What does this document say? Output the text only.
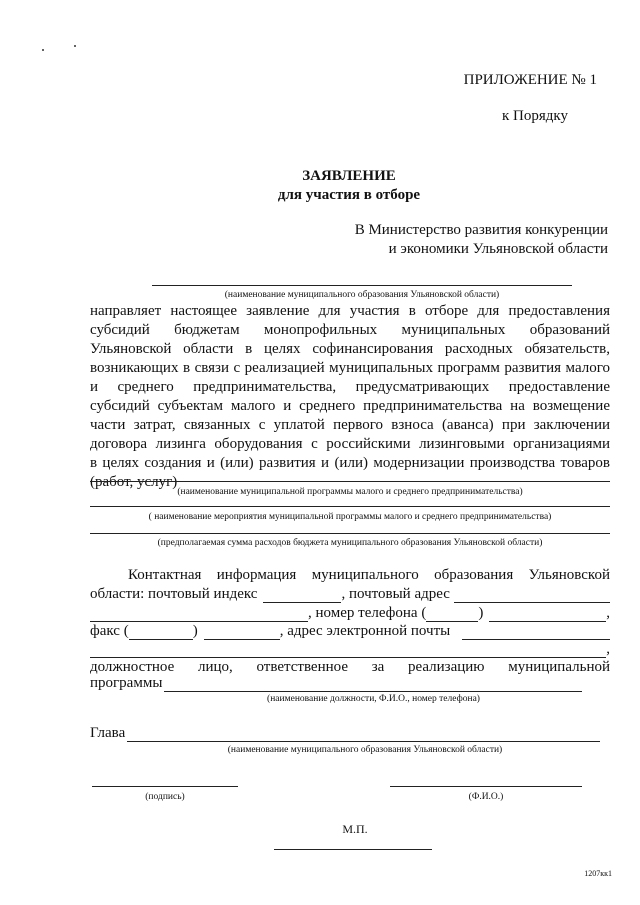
ПРИЛОЖЕНИЕ № 1
к Порядку
ЗАЯВЛЕНИЕ
для участия в отборе
В Министерство развития конкуренции
и экономики Ульяновской области
(наименование муниципального образования Ульяновской области)
направляет настоящее заявление для участия в отборе для предоставления
субсидий бюджетам монопрофильных муниципальных образований
Ульяновской области в целях софинансирования расходных обязательств,
возникающих в связи с реализацией муниципальных программ развития малого
и среднего предпринимательства, предусматривающих предоставление
субсидий субъектам малого и среднего предпринимательства на возмещение
части затрат, связанных с уплатой первого взноса (аванса) при заключении
договора лизинга оборудования с российскими лизинговыми организациями
в целях создания и (или) развития и (или) модернизации производства товаров
(работ, услуг)
(наименование муниципальной программы малого и среднего предпринимательства)
( наименование мероприятия муниципальной программы малого и среднего предпринимательства)
(предполагаемая сумма расходов бюджета муниципального образования Ульяновской области)
Контактная информация муниципального образования Ульяновской
области: почтовый индекс	, почтовый адрес
, номер телефона (	)	,
факс (	)	, адрес электронной почты
,
должностное лицо, ответственное за реализацию муниципальной
программы
(наименование должности, Ф.И.О., номер телефона)
Глава
(наименование муниципального образования Ульяновской области)
(подпись)	(Ф.И.О.)
М.П.
1207кк1
